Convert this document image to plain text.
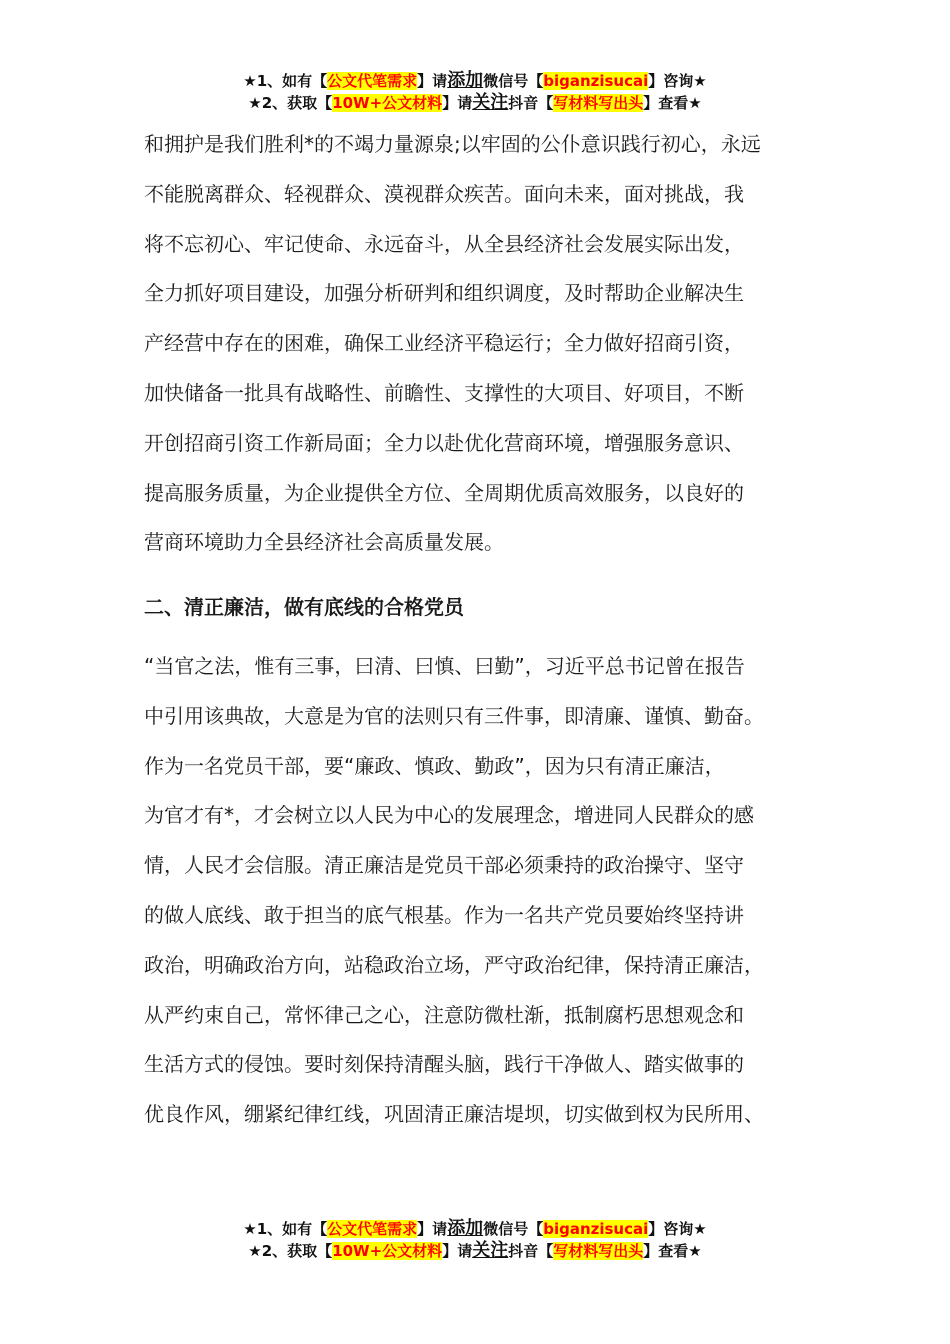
★1、如有【公文代笔需求】请添加微信号【biganzisucai】咨询★
★2、获取【10W+公文材料】请关注抖音【写材料写出头】查看★
和拥护是我们胜利*的不竭力量源泉;以牢固的公仆意识践行初心，永远
不能脱离群众、轻视群众、漠视群众疾苦。面向未来，面对挑战，我
将不忘初心、牢记使命、永远奋斗，从全县经济社会发展实际出发，
全力抓好项目建设，加强分析研判和组织调度，及时帮助企业解决生
产经营中存在的困难，确保工业经济平稳运行；全力做好招商引资，
加快储备一批具有战略性、前瞻性、支撑性的大项目、好项目，不断
开创招商引资工作新局面；全力以赴优化营商环境，增强服务意识、
提高服务质量，为企业提供全方位、全周期优质高效服务，以良好的
营商环境助力全县经济社会高质量发展。
二、清正廉洁，做有底线的合格党员
“当官之法，惟有三事，曰清、曰慎、曰勤”，习近平总书记曾在报告
中引用该典故，大意是为官的法则只有三件事，即清廉、谨慎、勤奋。
作为一名党员干部，要“廉政、慎政、勤政”，因为只有清正廉洁，
为官才有*，才会树立以人民为中心的发展理念，增进同人民群众的感
情，人民才会信服。清正廉洁是党员干部必须秉持的政治操守、坚守
的做人底线、敢于担当的底气根基。作为一名共产党员要始终坚持讲
政治，明确政治方向，站稳政治立场，严守政治纪律，保持清正廉洁，
从严约束自己，常怀律己之心，注意防微杜渐，抵制腐朽思想观念和
生活方式的侵蚀。要时刻保持清醒头脑，践行干净做人、踏实做事的
优良作风，绷紧纪律红线，巩固清正廉洁堤坝，切实做到权为民所用、
★1、如有【公文代笔需求】请添加微信号【biganzisucai】咨询★
★2、获取【10W+公文材料】请关注抖音【写材料写出头】查看★
